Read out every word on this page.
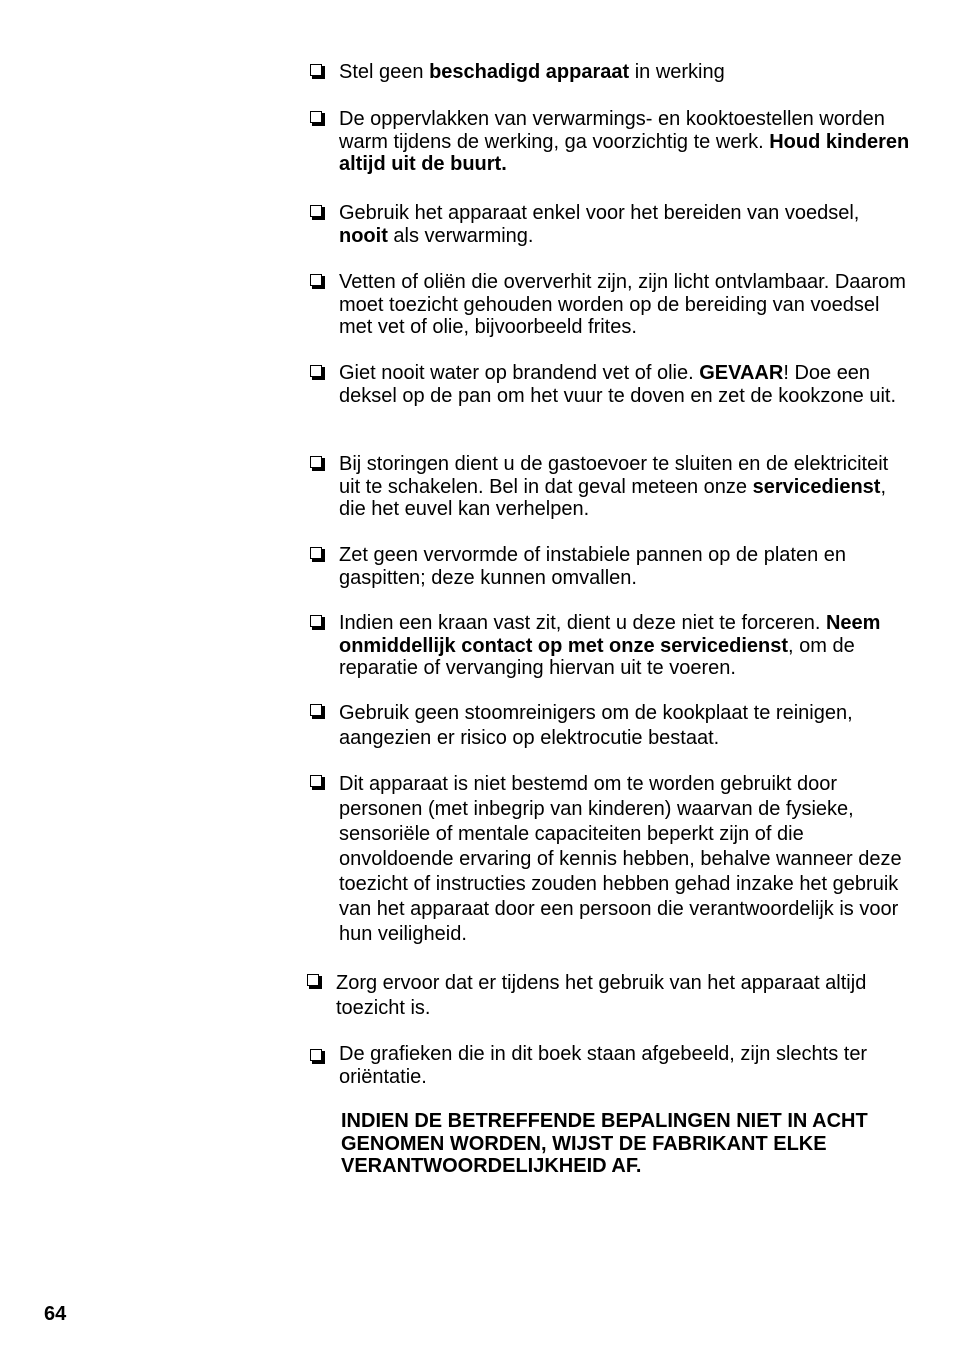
Stel geen beschadigd apparaat in werking
De oppervlakken van verwarmings- en kooktoestellen worden warm tijdens de werking, ga voorzichtig te werk. Houd kinderen altijd uit de buurt.
Gebruik het apparaat enkel voor het bereiden van voedsel, nooit als verwarming.
Vetten of oliën die oververhit zijn, zijn licht ontvlambaar. Daarom moet toezicht gehouden worden op de bereiding van voedsel met vet of olie, bijvoorbeeld frites.
Giet nooit water op brandend vet of olie. GEVAAR! Doe een deksel op de pan om het vuur te doven en zet de kookzone uit.
Bij storingen dient u de gastoevoer te sluiten en de elektriciteit uit te schakelen. Bel in dat geval meteen onze servicedienst, die het euvel kan verhelpen.
Zet geen vervormde of instabiele pannen op de platen en gaspitten; deze kunnen omvallen.
Indien een kraan vast zit, dient u deze niet te forceren. Neem onmiddellijk contact op met onze servicedienst, om de reparatie of vervanging hiervan uit te voeren.
Gebruik geen stoomreinigers om de kookplaat te reinigen, aangezien er risico op elektrocutie bestaat.
Dit apparaat is niet bestemd om te worden gebruikt door personen (met inbegrip van kinderen) waarvan de fysieke, sensoriële of mentale capaciteiten beperkt zijn of die onvoldoende ervaring of kennis hebben, behalve wanneer deze toezicht of instructies zouden hebben gehad inzake het gebruik van het apparaat door een persoon die verantwoordelijk is voor hun veiligheid.
Zorg ervoor dat er tijdens het gebruik van het apparaat altijd toezicht is.
De grafieken die in dit boek staan afgebeeld, zijn slechts ter oriëntatie.
INDIEN DE BETREFFENDE BEPALINGEN NIET IN ACHT GENOMEN WORDEN, WIJST DE FABRIKANT ELKE VERANTWOORDELIJKHEID AF.
64
